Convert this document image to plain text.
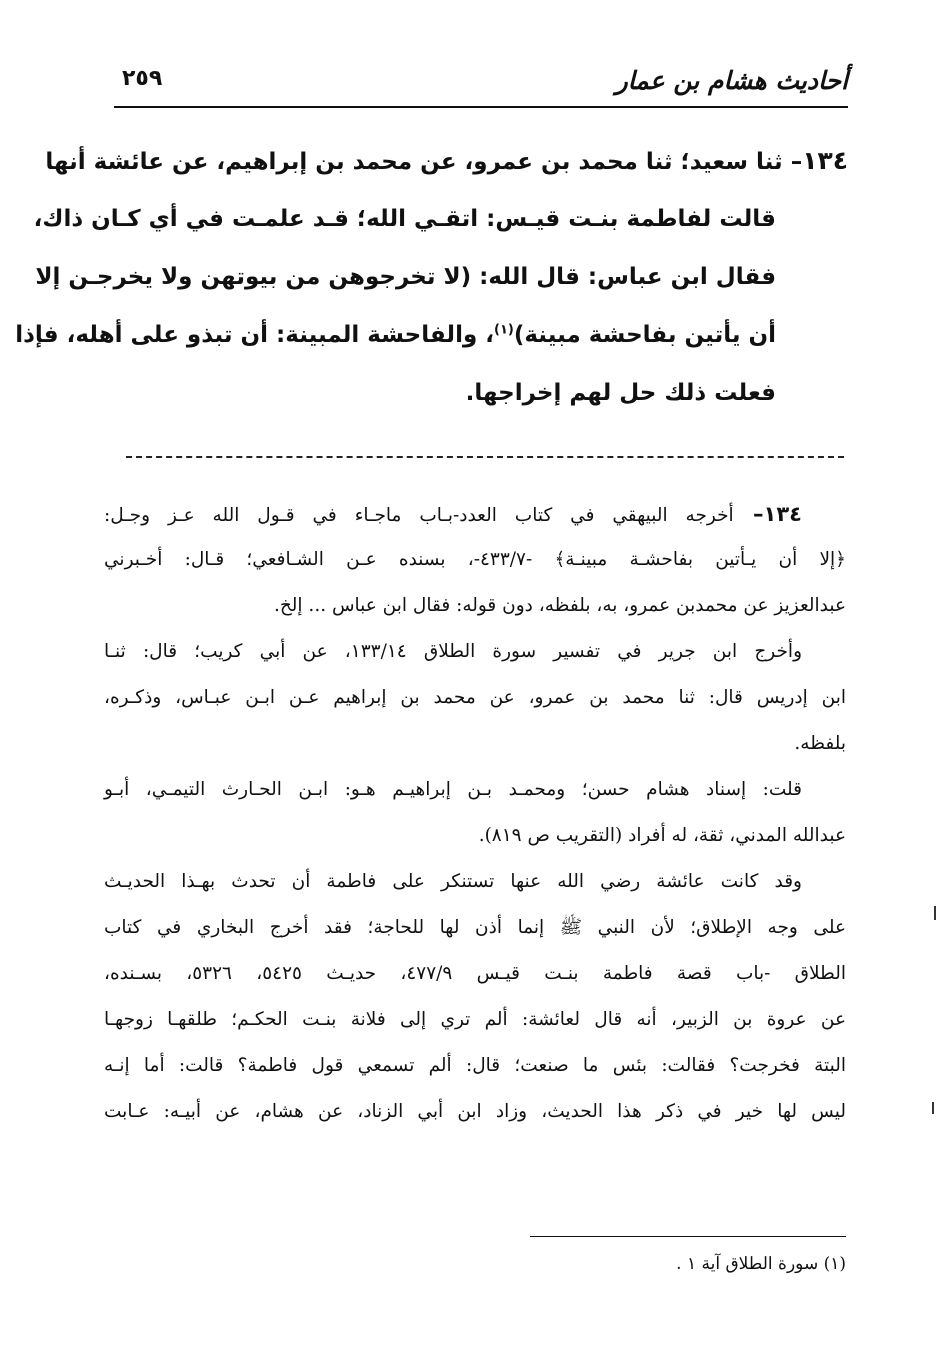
أحاديث هشام بن عمار
٢٥٩
١٣٤– ثنا سعيد؛ ثنا محمد بن عمرو، عن محمد بن إبراهيم، عن عائشة أنها
قالت لفاطمة بنـت قيـس: اتقـي الله؛ قـد علمـت في أي كـان ذاك،
فقال ابن عباس: قال الله: (لا تخرجوهن من بيوتهن ولا يخرجـن إلا
أن يأتين بفاحشة مبينة)$^{(١)}$، والفاحشة المبينة: أن تبذو على أهله، فإذا
فعلت ذلك حل لهم إخراجها.
١٣٤– أخرجه البيهقي في كتاب العدد-بـاب ماجـاء في قـول الله عـز وجـل:
﴿إلا أن يـأتين بفاحشـة مبينـة﴾ -٤٣٣/٧-، بسنده عـن الشـافعي؛ قـال: أخـبرني
عبدالعزيز عن محمدبن عمرو، به، بلفظه، دون قوله: فقال ابن عباس ... إلخ.
وأخرج ابن جرير في تفسير سورة الطلاق ١٣٣/١٤، عن أبي كريب؛ قال: ثنـا
ابن إدريس قال: ثنا محمد بن عمرو، عن محمد بن إبراهيم عـن ابـن عبـاس، وذكـره،
بلفظه.
قلت: إسناد هشام حسن؛ ومحمـد بـن إبراهيـم هـو: ابـن الحـارث التيمـي، أبـو
عبدالله المدني، ثقة، له أفراد (التقريب ص ٨١٩).
وقد كانت عائشة رضي الله عنها تستنكر على فاطمة أن تحدث بهـذا الحديـث
على وجه الإطلاق؛ لأن النبي ﷺ إنما أذن لها للحاجة؛ فقد أخرج البخاري في كتاب
الطلاق -باب قصة فاطمة بنـت قيـس ٤٧٧/٩، حديـث ٥٤٢٥، ٥٣٢٦، بسـنده،
عن عروة بن الزبير، أنه قال لعائشة: ألم تري إلى فلانة بنـت الحكـم؛ طلقهـا زوجهـا
البتة فخرجت؟ فقالت: بئس ما صنعت؛ قال: ألم تسمعي قول فاطمة؟ قالت: أما إنـه
ليس لها خير في ذكر هذا الحديث، وزاد ابن أبي الزناد، عن هشام، عن أبيـه: عـابت
(١) سورة الطلاق آية ١ .
